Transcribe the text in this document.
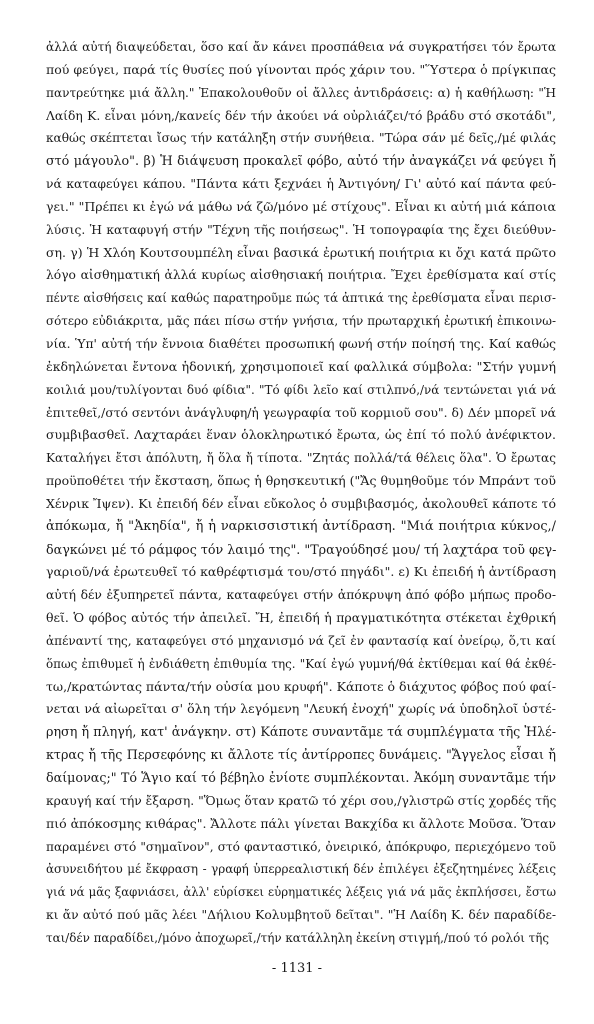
ἀλλά αὐτή διαψεύδεται, ὅσο καί ἄν κάνει προσπάθεια νά συγκρατήσει τόν ἔρωτα
πού φεύγει, παρά τίς θυσίες πού γίνονται πρός χάριν του. "Ὕστερα ὁ πρίγκιπας
παντρεύτηκε μιά ἄλλη." Ἐπακολουθοῦν οἱ ἄλλες ἀντιδράσεις: α) ἡ καθήλωση: "Ἡ
Λαίδη Κ. εἶναι μόνη,/κανείς δέν τήν ἀκούει νά οὐρλιάζει/τό βράδυ στό σκοτάδι",
καθώς σκέπτεται ἴσως τήν κατάληξη στήν συνήθεια. "Τώρα σάν μέ δεῖς,/μέ φιλάς
στό μάγουλο". β) Ἡ διάψευση προκαλεῖ φόβο, αὐτό τήν ἀναγκάζει νά φεύγει ἤ
νά καταφεύγει κάπου. "Πάντα κάτι ξεχνάει ἡ Ἀντιγόνη/ Γι' αὐτό καί πάντα φεύ-
γει." "Πρέπει κι ἐγώ νά μάθω νά ζῶ/μόνο μέ στίχους". Εἶναι κι αὐτή μιά κάποια
λύσις. Ἡ καταφυγή στήν "Τέχνη τῆς ποιήσεως". Ἡ τοπογραφία της ἔχει διεύθυν-
ση. γ) Ἡ Χλόη Κουτσουμπέλη εἶναι βασικά ἐρωτική ποιήτρια κι ὄχι κατά πρῶτο
λόγο αἰσθηματική ἀλλά κυρίως αἰσθησιακή ποιήτρια. Ἔχει ἐρεθίσματα καί στίς
πέντε αἰσθήσεις καί καθώς παρατηροῦμε πώς τά ἀπτικά της ἐρεθίσματα εἶναι περισ-
σότερο εὐδιάκριτα, μᾶς πάει πίσω στήν γνήσια, τήν πρωταρχική ἐρωτική ἐπικοινω-
νία. Ὑπ' αὐτή τήν ἔννοια διαθέτει προσωπική φωνή στήν ποίησή της. Καί καθώς
ἐκδηλώνεται ἔντονα ἡδονική, χρησιμοποιεῖ καί φαλλικά σύμβολα: "Στήν γυμνή
κοιλιά μου/τυλίγονται δυό φίδια". "Τό φίδι λεῖο καί στιλπνό,/νά τεντώνεται γιά νά
ἐπιτεθεῖ,/στό σεντόνι ἀνάγλυφη/ἡ γεωγραφία τοῦ κορμιοῦ σου". δ) Δέν μπορεῖ νά
συμβιβασθεῖ. Λαχταράει ἕναν ὁλοκληρωτικό ἔρωτα, ὡς ἐπί τό πολύ ἀνέφικτον.
Καταλήγει ἔτσι ἀπόλυτη, ἤ ὅλα ἤ τίποτα. "Ζητάς πολλά/τά θέλεις ὅλα". Ὁ ἔρωτας
προϋποθέτει τήν ἔκσταση, ὅπως ἡ θρησκευτική ("Ἄς θυμηθοῦμε τόν Μπράντ τοῦ
Χένρικ Ἴψεν). Κι ἐπειδή δέν εἶναι εὔκολος ὁ συμβιβασμός, ἀκολουθεῖ κάποτε τό
ἀπόκωμα, ἤ "Ἀκηδία", ἤ ἡ ναρκισσιστική ἀντίδραση. "Μιά ποιήτρια κύκνος,/
δαγκώνει μέ τό ράμφος τόν λαιμό της". "Τραγούδησέ μου/ τή λαχτάρα τοῦ φεγ-
γαριοῦ/νά ἐρωτευθεῖ τό καθρέφτισμά του/στό πηγάδι". ε) Κι ἐπειδή ἡ ἀντίδραση
αὐτή δέν ἐξυπηρετεῖ πάντα, καταφεύγει στήν ἀπόκρυψη ἀπό φόβο μήπως προδο-
θεῖ. Ὁ φόβος αὐτός τήν ἀπειλεῖ. Ἤ, ἐπειδή ἡ πραγματικότητα στέκεται ἐχθρική
ἀπέναντί της, καταφεύγει στό μηχανισμό νά ζεῖ ἐν φαντασίᾳ καί ὀνείρῳ, ὅ,τι καί
ὅπως ἐπιθυμεῖ ἡ ἐνδιάθετη ἐπιθυμία της. "Καί ἐγώ γυμνή/θά ἐκτίθεμαι καί θά ἐκθέ-
τω,/κρατώντας πάντα/τήν οὐσία μου κρυφή". Κάποτε ὁ διάχυτος φόβος πού φαί-
νεται νά αἰωρεῖται σ' ὅλη τήν λεγόμενη "Λευκή ἐνοχή" χωρίς νά ὑποδηλοῖ ὑστέ-
ρηση ἤ πληγή, κατ' ἀνάγκην. στ) Κάποτε συναντᾶμε τά συμπλέγματα τῆς Ἠλέ-
κτρας ἤ τῆς Περσεφόνης κι ἄλλοτε τίς ἀντίρροπες δυνάμεις. "Ἄγγελος εἶσαι ἤ
δαίμονας;" Τό Ἅγιο καί τό βέβηλο ἐνίοτε συμπλέκονται. Ἀκόμη συναντᾶμε τήν
κραυγή καί τήν ἔξαρση. "Ὅμως ὅταν κρατῶ τό χέρι σου,/γλιστρῶ στίς χορδές τῆς
πιό ἀπόκοσμης κιθάρας". Ἄλλοτε πάλι γίνεται Βακχίδα κι ἄλλοτε Μοῦσα. Ὅταν
παραμένει στό "σημαῖνον", στό φανταστικό, ὀνειρικό, ἀπόκρυφο, περιεχόμενο τοῦ
ἀσυνειδήτου μέ ἔκφραση - γραφή ὑπερρεαλιστική δέν ἐπιλέγει ἐξεζητημένες λέξεις
γιά νά μᾶς ξαφνιάσει, ἀλλ' εὑρίσκει εὑρηματικές λέξεις γιά νά μᾶς ἐκπλήσσει, ἔστω
κι ἄν αὐτό πού μᾶς λέει "Δήλιου Κολυμβητοῦ δεῖται". "Ἡ Λαίδη Κ. δέν παραδίδε-
ται/δέν παραδίδει,/μόνο ἀποχωρεῖ,/τήν κατάλληλη ἐκείνη στιγμή,/πού τό ρολόι τῆς
- 1131 -
